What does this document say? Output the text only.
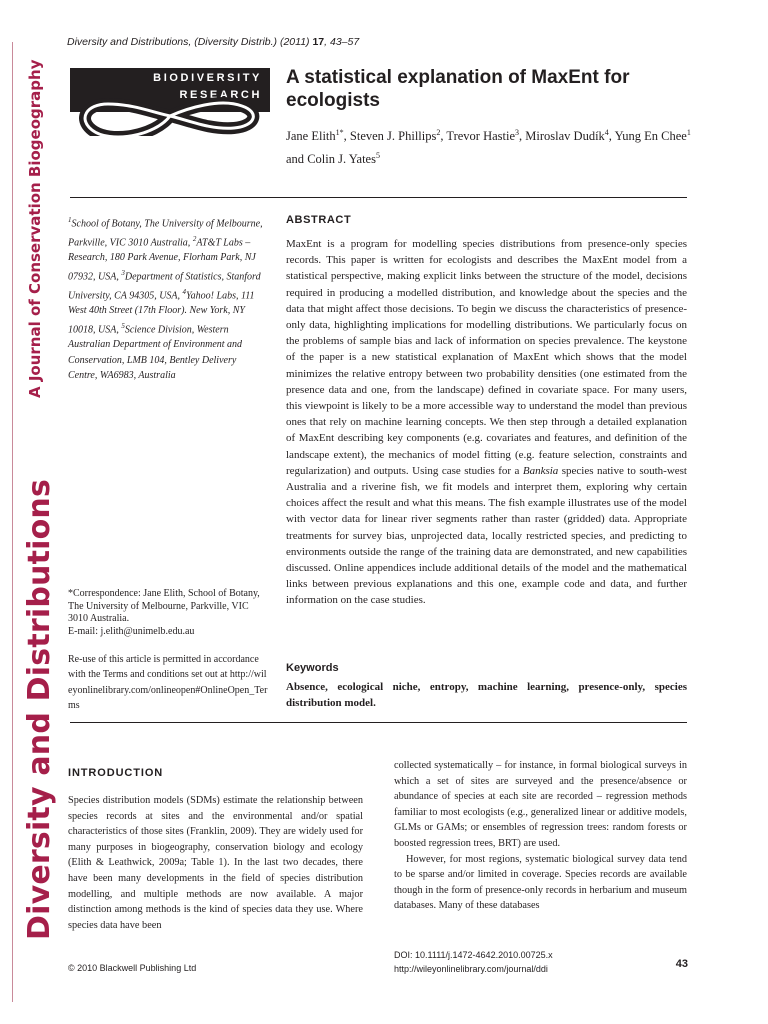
Diversity and Distributions
A Journal of Conservation Biogeography
Diversity and Distributions, (Diversity Distrib.) (2011) 17, 43–57
BIODIVERSITY
RESEARCH
A statistical explanation of MaxEnt for ecologists
Jane Elith$^{1*}$, Steven J. Phillips$^2$, Trevor Hastie$^3$, Miroslav Dudík$^4$, Yung En Chee$^1$ and Colin J. Yates$^5$
$^1$School of Botany, The University of Melbourne, Parkville, VIC 3010 Australia, $^2$AT&T Labs – Research, 180 Park Avenue, Florham Park, NJ 07932, USA, $^3$Department of Statistics, Stanford University, CA 94305, USA, $^4$Yahoo! Labs, 111 West 40th Street (17th Floor). New York, NY 10018, USA, $^5$Science Division, Western Australian Department of Environment and Conservation, LMB 104, Bentley Delivery Centre, WA6983, Australia
*Correspondence: Jane Elith, School of Botany, The University of Melbourne, Parkville, VIC 3010 Australia.
E-mail: j.elith@unimelb.edu.au
Re-use of this article is permitted in accordance with the Terms and conditions set out at http://wileyonlinelibrary.com/onlineopen#OnlineOpen_Terms
ABSTRACT
MaxEnt is a program for modelling species distributions from presence-only species records. This paper is written for ecologists and describes the MaxEnt model from a statistical perspective, making explicit links between the structure of the model, decisions required in producing a modelled distribution, and knowledge about the species and the data that might affect those decisions. To begin we discuss the characteristics of presence-only data, highlighting implications for modelling distributions. We particularly focus on the problems of sample bias and lack of information on species prevalence. The keystone of the paper is a new statistical explanation of MaxEnt which shows that the model minimizes the relative entropy between two probability densities (one estimated from the presence data and one, from the landscape) defined in covariate space. For many users, this viewpoint is likely to be a more accessible way to understand the model than previous ones that rely on machine learning concepts. We then step through a detailed explanation of MaxEnt describing key components (e.g. covariates and features, and definition of the landscape extent), the mechanics of model fitting (e.g. feature selection, constraints and regularization) and outputs. Using case studies for a Banksia species native to south-west Australia and a riverine fish, we fit models and interpret them, exploring why certain choices affect the result and what this means. The fish example illustrates use of the model with vector data for linear river segments rather than raster (gridded) data. Appropriate treatments for survey bias, unprojected data, locally restricted species, and predicting to environments outside the range of the training data are demonstrated, and new capabilities discussed. Online appendices include additional details of the model and the mathematical links between previous explanations and this one, example code and data, and further information on the case studies.
Keywords
Absence, ecological niche, entropy, machine learning, presence-only, species distribution model.
INTRODUCTION
Species distribution models (SDMs) estimate the relationship between species records at sites and the environmental and/or spatial characteristics of those sites (Franklin, 2009). They are widely used for many purposes in biogeography, conservation biology and ecology (Elith & Leathwick, 2009a; Table 1). In the last two decades, there have been many developments in the field of species distribution modelling, and multiple methods are now available. A major distinction among methods is the kind of species data they use. Where species data have been

collected systematically – for instance, in formal biological surveys in which a set of sites are surveyed and the presence/absence or abundance of species at each site are recorded – regression methods familiar to most ecologists (e.g., generalized linear or additive models, GLMs or GAMs; or ensembles of regression trees: random forests or boosted regression trees, BRT) are used.

However, for most regions, systematic biological survey data tend to be sparse and/or limited in coverage. Species records are available though in the form of presence-only records in herbarium and museum databases. Many of these databases

© 2010 Blackwell Publishing Ltd
DOI: 10.1111/j.1472-4642.2010.00725.x
http://wileyonlinelibrary.com/journal/ddi	43
